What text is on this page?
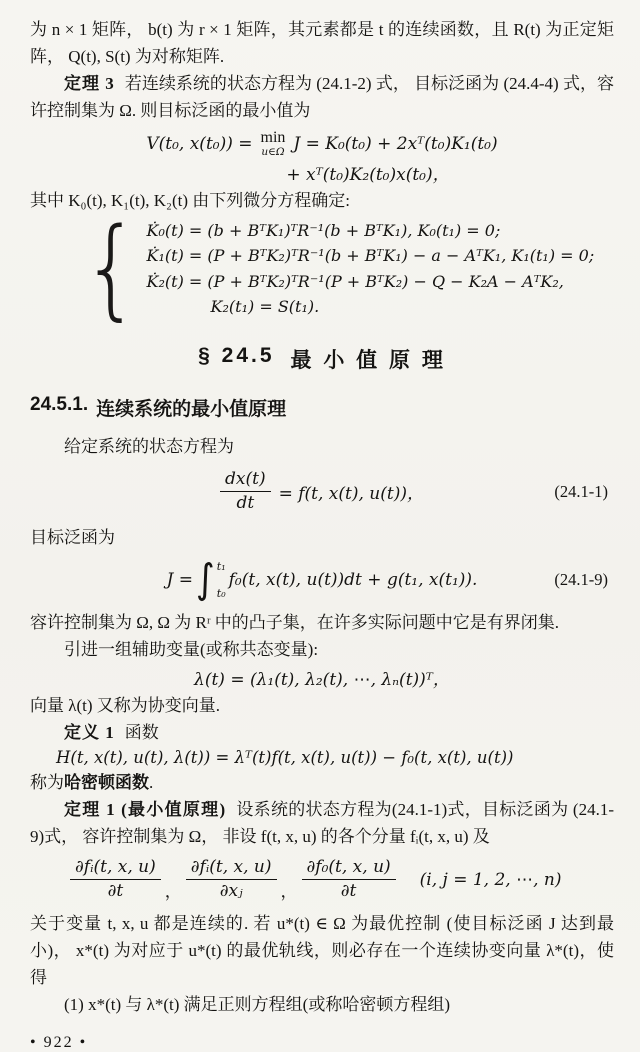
为 n × 1 矩阵， b(t) 为 r × 1 矩阵，其元素都是 t 的连续函数，且 R(t) 为正定矩阵， Q(t), S(t) 为对称矩阵.

定理 3 若连续系统的状态方程为 (24.1-2) 式， 目标泛函为 (24.4-4) 式，容许控制集为 Ω. 则目标泛函的最小值为

V(t₀, x(t₀)) = min
u∈Ω J = K₀(t₀) + 2xᵀ(t₀)K₁(t₀)
+ xᵀ(t₀)K₂(t₀)x(t₀)，

其中 K₀(t), K₁(t), K₂(t) 由下列微分方程确定:

{ K̇₀(t) = (b + BᵀK₁)ᵀR⁻¹(b + BᵀK₁), K₀(t₁) = 0;
K̇₁(t) = (P + BᵀK₂)ᵀR⁻¹(b + BᵀK₁) − a − AᵀK₁, K₁(t₁) = 0;
K̇₂(t) = (P + BᵀK₂)ᵀR⁻¹(P + BᵀK₂) − Q − K₂A − AᵀK₂,
K₂(t₁) = S(t₁).
§ 24.5 最 小 值 原 理
24.5.1. 连续系统的最小值原理

给定系统的状态方程为

$\frac{dx(t)}{dt} = f(t$, x(t), u(t))，	(24.1-1)

目标泛函为

J = ∫ t₁
t₀
f₀(t, x(t), u(t))dt + g(t₁, x(t₁)).	(24.1-9)

容许控制集为 Ω, Ω 为 Rʳ 中的凸子集，在许多实际问题中它是有界闭集.

引进一组辅助变量(或称共态变量):

λ(t) = (λ₁(t), λ₂(t), ⋯, λₙ(t))ᵀ，

向量 λ(t) 又称为协变向量.

定义 1 函数

H(t, x(t), u(t), λ(t)) = λᵀ(t)f(t, x(t), u(t)) − f₀(t, x(t), u(t))

称为哈密顿函数.

定理 1 (最小值原理) 设系统的状态方程为(24.1-1)式，目标泛函为 (24.1-9)式， 容许控制集为 Ω， 非设 f(t, x, u) 的各个分量 fᵢ(t, x, u) 及

$\frac{\text{∂fᵢ(t, x, u)}}{\partial t}$ ， $\frac{\text{∂fᵢ(t, x, u)}}{\text{∂xⱼ}}$ ， $\frac{\text{∂f₀(t, x, u)}}{\partial t} (i$, j = 1, 2, ⋯, n)

关于变量 t, x, u 都是连续的. 若 u*(t) ∈ Ω 为最优控制 (使目标泛函 J 达到最小)， x*(t) 为对应于 u*(t) 的最优轨线，则必存在一个连续协变向量 λ*(t)，使得

(1) x*(t) 与 λ*(t) 满足正则方程组(或称哈密顿方程组)

• 922 •
